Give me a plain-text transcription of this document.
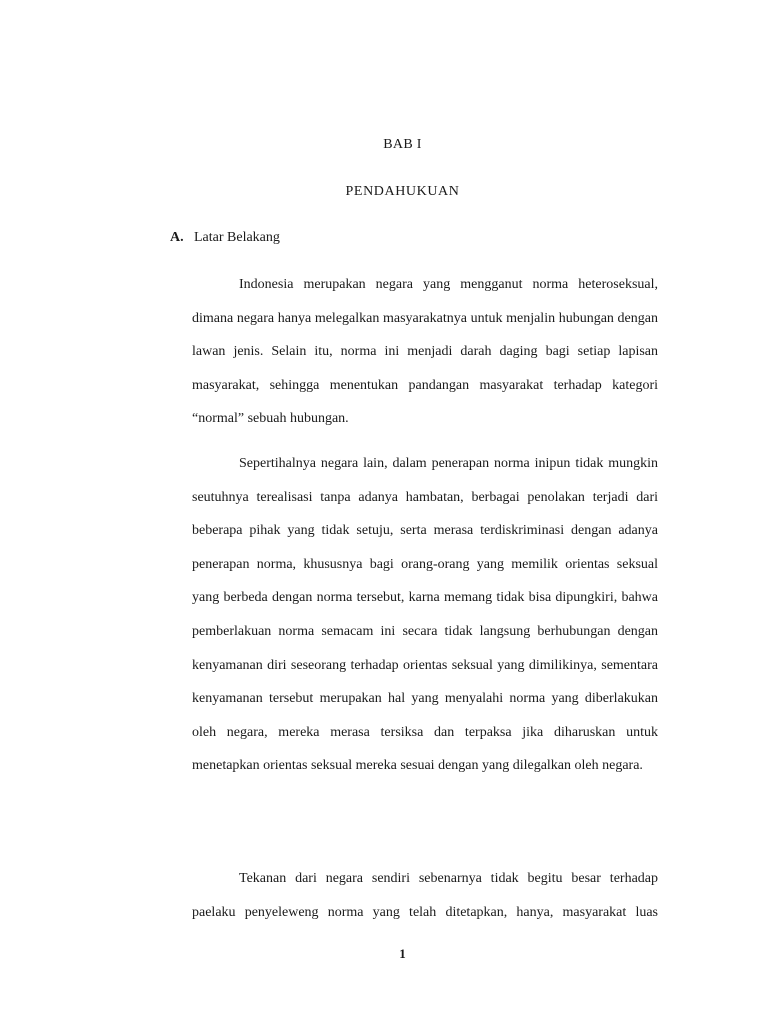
BAB I
PENDAHUKUAN
A. Latar Belakang

Indonesia merupakan negara yang mengganut norma heteroseksual, dimana negara hanya melegalkan masyarakatnya untuk menjalin hubungan dengan lawan jenis. Selain itu, norma ini menjadi darah daging bagi setiap lapisan masyarakat, sehingga menentukan pandangan masyarakat terhadap kategori “normal” sebuah hubungan.

Sepertihalnya negara lain, dalam penerapan norma inipun tidak mungkin seutuhnya terealisasi tanpa adanya hambatan, berbagai penolakan terjadi dari beberapa pihak yang tidak setuju, serta merasa terdiskriminasi dengan adanya penerapan norma, khususnya bagi orang-orang yang memilik orientas seksual yang berbeda dengan norma tersebut, karna memang tidak bisa dipungkiri, bahwa pemberlakuan norma semacam ini secara tidak langsung berhubungan dengan kenyamanan diri seseorang terhadap orientas seksual yang dimilikinya, sementara kenyamanan tersebut merupakan hal yang menyalahi norma yang diberlakukan oleh negara, mereka merasa tersiksa dan terpaksa jika diharuskan untuk menetapkan orientas seksual mereka sesuai dengan yang dilegalkan oleh negara.

Tekanan dari negara sendiri sebenarnya tidak begitu besar terhadap paelaku penyeleweng norma yang telah ditetapkan, hanya, masyarakat luas

1
